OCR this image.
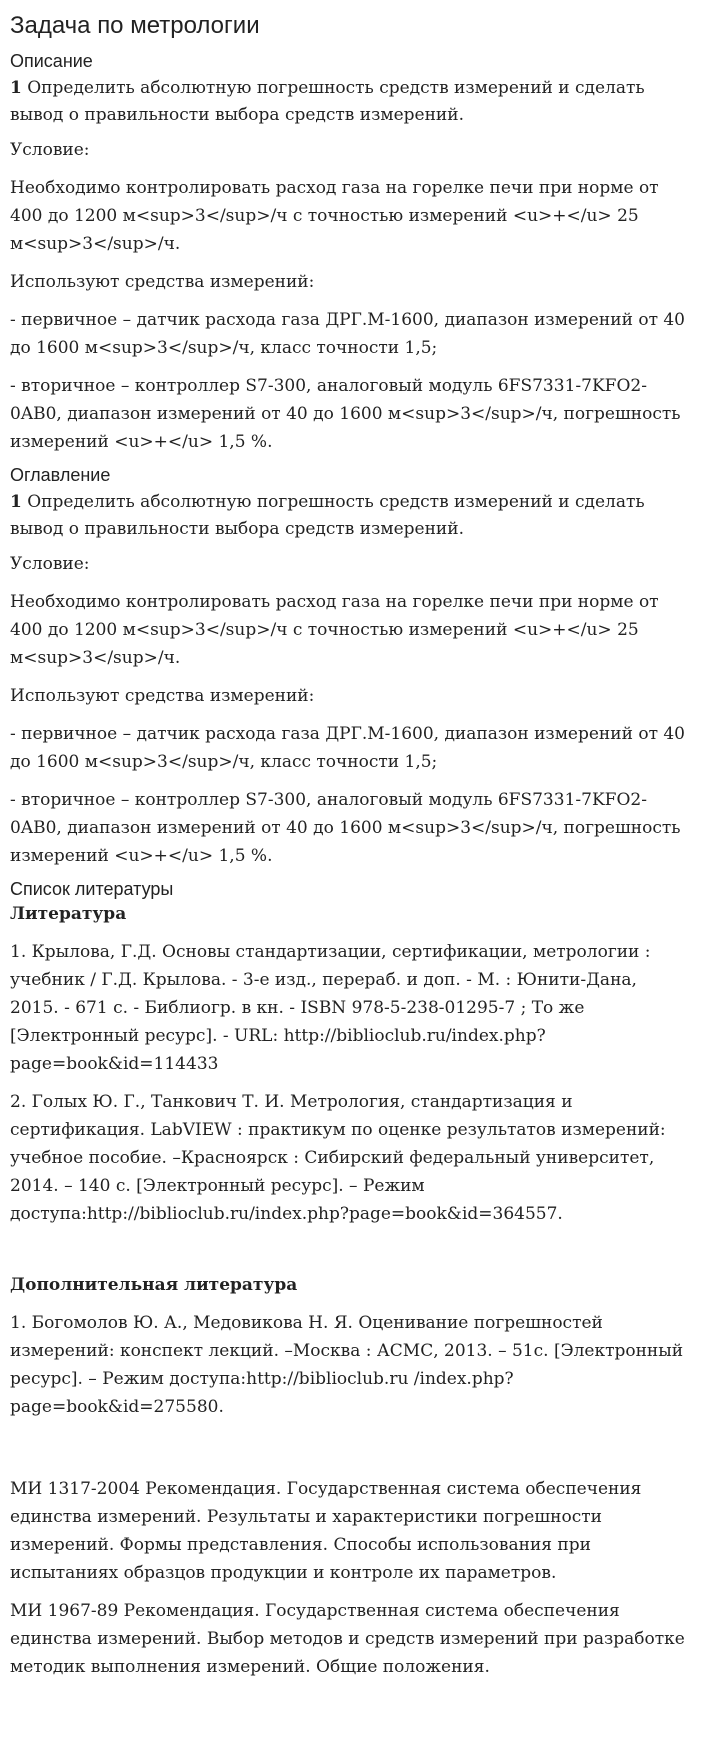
Задача по метрологии
Описание
1 Определить абсолютную погрешность средств измерений и сделать вывод о правильности выбора средств измерений.
Условие:
Необходимо контролировать расход газа на горелке печи при норме от 400 до 1200 м<sup>3</sup>/ч с точностью измерений <u>+</u> 25 м<sup>3</sup>/ч.
Используют средства измерений:
- первичное – датчик расхода газа ДРГ.М-1600, диапазон измерений от 40 до 1600 м<sup>3</sup>/ч, класс точности 1,5;
- вторичное – контроллер S7-300, аналоговый модуль 6FS7331-7KFO2-0AB0, диапазон измерений от 40 до 1600 м<sup>3</sup>/ч, погрешность измерений <u>+</u> 1,5 %.
Оглавление
1 Определить абсолютную погрешность средств измерений и сделать вывод о правильности выбора средств измерений.
Условие:
Необходимо контролировать расход газа на горелке печи при норме от 400 до 1200 м<sup>3</sup>/ч с точностью измерений <u>+</u> 25 м<sup>3</sup>/ч.
Используют средства измерений:
- первичное – датчик расхода газа ДРГ.М-1600, диапазон измерений от 40 до 1600 м<sup>3</sup>/ч, класс точности 1,5;
- вторичное – контроллер S7-300, аналоговый модуль 6FS7331-7KFO2-0AB0, диапазон измерений от 40 до 1600 м<sup>3</sup>/ч, погрешность измерений <u>+</u> 1,5 %.
Список литературы
Литература
1. Крылова, Г.Д. Основы стандартизации, сертификации, метрологии : учебник / Г.Д. Крылова. - 3-е изд., перераб. и доп. - М. : Юнити-Дана, 2015. - 671 с. - Библиогр. в кн. - ISBN 978-5-238-01295-7 ; То же [Электронный ресурс]. - URL: http://biblioclub.ru/index.php?page=book&id=114433
2. Голых Ю. Г., Танкович Т. И. Метрология, стандартизация и сертификация. LabVIEW : практикум по оценке результатов измерений: учебное пособие. –Красноярск : Сибирский федеральный университет, 2014. – 140 с. [Электронный ресурс]. – Режим доступа:http://biblioclub.ru/index.php?page=book&id=364557.
Дополнительная литература
1. Богомолов Ю. А., Медовикова Н. Я. Оценивание погрешностей измерений: конспект лекций. –Москва : АСМС, 2013. – 51с. [Электронный ресурс]. – Режим доступа:http://biblioclub.ru /index.php?page=book&id=275580.
МИ 1317-2004 Рекомендация. Государственная система обеспечения единства измерений. Результаты и характеристики погрешности измерений. Формы представления. Способы использования при испытаниях образцов продукции и контроле их параметров.
МИ 1967-89 Рекомендация. Государственная система обеспечения единства измерений. Выбор методов и средств измерений при разработке методик выполнения измерений. Общие положения.
